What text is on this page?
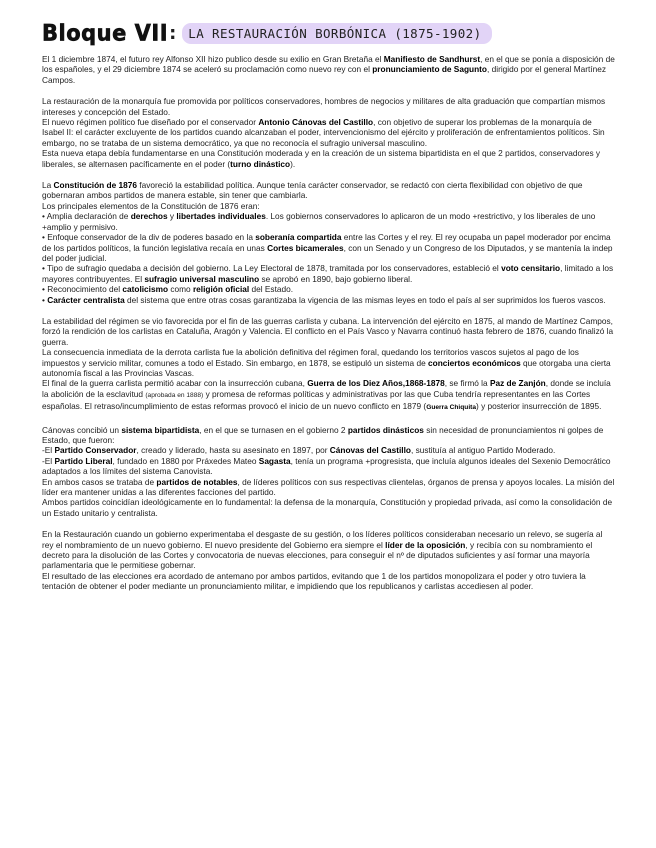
Bloque VII : LA RESTAURACIÓN BORBÓNICA (1875-1902)

El 1 diciembre 1874, el futuro rey Alfonso XII hizo publico desde su exilio en Gran Bretaña el Manifiesto de Sandhurst, en el que se ponía a disposición de los españoles, y el 29 diciembre 1874 se aceleró su proclamación como nuevo rey con el pronunciamiento de Sagunto, dirigido por el general Martínez Campos.

La restauración de la monarquía fue promovida por políticos conservadores, hombres de negocios y militares de alta graduación que compartían mismos intereses y concepción del Estado.

El nuevo régimen político fue diseñado por el conservador Antonio Cánovas del Castillo, con objetivo de superar los problemas de la monarquía de Isabel II: el carácter excluyente de los partidos cuando alcanzaban el poder, intervencionismo del ejército y proliferación de enfrentamientos políticos. Sin embargo, no se trataba de un sistema democrático, ya que no reconocía el sufragio universal masculino.

Esta nueva etapa debía fundamentarse en una Constitución moderada y en la creación de un sistema bipartidista en el que 2 partidos, conservadores y liberales, se alternasen pacíficamente en el poder (turno dinástico).

La Constitución de 1876 favoreció la estabilidad política. Aunque tenía carácter conservador, se redactó con cierta flexibilidad con objetivo de que gobernaran ambos partidos de manera estable, sin tener que cambiarla.

Los principales elementos de la Constitución de 1876 eran:

• Amplia declaración de derechos y libertades individuales. Los gobiernos conservadores lo aplicaron de un modo +restrictivo, y los liberales de uno +amplio y permisivo.

• Enfoque conservador de la div de poderes basado en la soberanía compartida entre las Cortes y el rey. El rey ocupaba un papel moderador por encima de los partidos políticos, la función legislativa recaía en unas Cortes bicamerales, con un Senado y un Congreso de los Diputados, y se mantenía la indep del poder judicial.

• Tipo de sufragio quedaba a decisión del gobierno. La Ley Electoral de 1878, tramitada por los conservadores, estableció el voto censitario, limitado a los mayores contribuyentes. El sufragio universal masculino se aprobó en 1890, bajo gobierno liberal.

• Reconocimiento del catolicismo como religión oficial del Estado.

• Carácter centralista del sistema que entre otras cosas garantizaba la vigencia de las mismas leyes en todo el país al ser suprimidos los fueros vascos.

La estabilidad del régimen se vio favorecida por el fin de las guerras carlista y cubana. La intervención del ejército en 1875, al mando de Martínez Campos, forzó la rendición de los carlistas en Cataluña, Aragón y Valencia. El conflicto en el País Vasco y Navarra continuó hasta febrero de 1876, cuando finalizó la guerra.

La consecuencia inmediata de la derrota carlista fue la abolición definitiva del régimen foral, quedando los territorios vascos sujetos al pago de los impuestos y servicio militar, comunes a todo el Estado. Sin embargo, en 1878, se estipuló un sistema de conciertos económicos que otorgaba una cierta autonomía fiscal a las Provincias Vascas.

El final de la guerra carlista permitió acabar con la insurrección cubana, Guerra de los Diez Años,1868-1878, se firmó la Paz de Zanjón, donde se incluía la abolición de la esclavitud (aprobada en 1888) y promesa de reformas políticas y administrativas por las que Cuba tendría representantes en las Cortes españolas. El retraso/incumplimiento de estas reformas provocó el inicio de un nuevo conflicto en 1879 (Guerra Chiquita) y posterior insurrección de 1895.

Cánovas concibió un sistema bipartidista, en el que se turnasen en el gobierno 2 partidos dinásticos sin necesidad de pronunciamientos ni golpes de Estado, que fueron:

-El Partido Conservador, creado y liderado, hasta su asesinato en 1897, por Cánovas del Castillo, sustituía al antiguo Partido Moderado.

-El Partido Liberal, fundado en 1880 por Práxedes Mateo Sagasta, tenía un programa +progresista, que incluía algunos ideales del Sexenio Democrático adaptados a los límites del sistema Canovista.

En ambos casos se trataba de partidos de notables, de líderes políticos con sus respectivas clientelas, órganos de prensa y apoyos locales. La misión del líder era mantener unidas a las diferentes facciones del partido.

Ambos partidos coincidían ideológicamente en lo fundamental: la defensa de la monarquía, Constitución y propiedad privada, así como la consolidación de un Estado unitario y centralista.

En la Restauración cuando un gobierno experimentaba el desgaste de su gestión, o los líderes políticos consideraban necesario un relevo, se sugería al rey el nombramiento de un nuevo gobierno. El nuevo presidente del Gobierno era siempre el líder de la oposición, y recibía con su nombramiento el decreto para la disolución de las Cortes y convocatoria de nuevas elecciones, para conseguir el nº de diputados suficientes y así formar una mayoría parlamentaria que le permitiese gobernar.

El resultado de las elecciones era acordado de antemano por ambos partidos, evitando que 1 de los partidos monopolizara el poder y otro tuviera la tentación de obtener el poder mediante un pronunciamiento militar, e impidiendo que los republicanos y carlistas accediesen al poder.
